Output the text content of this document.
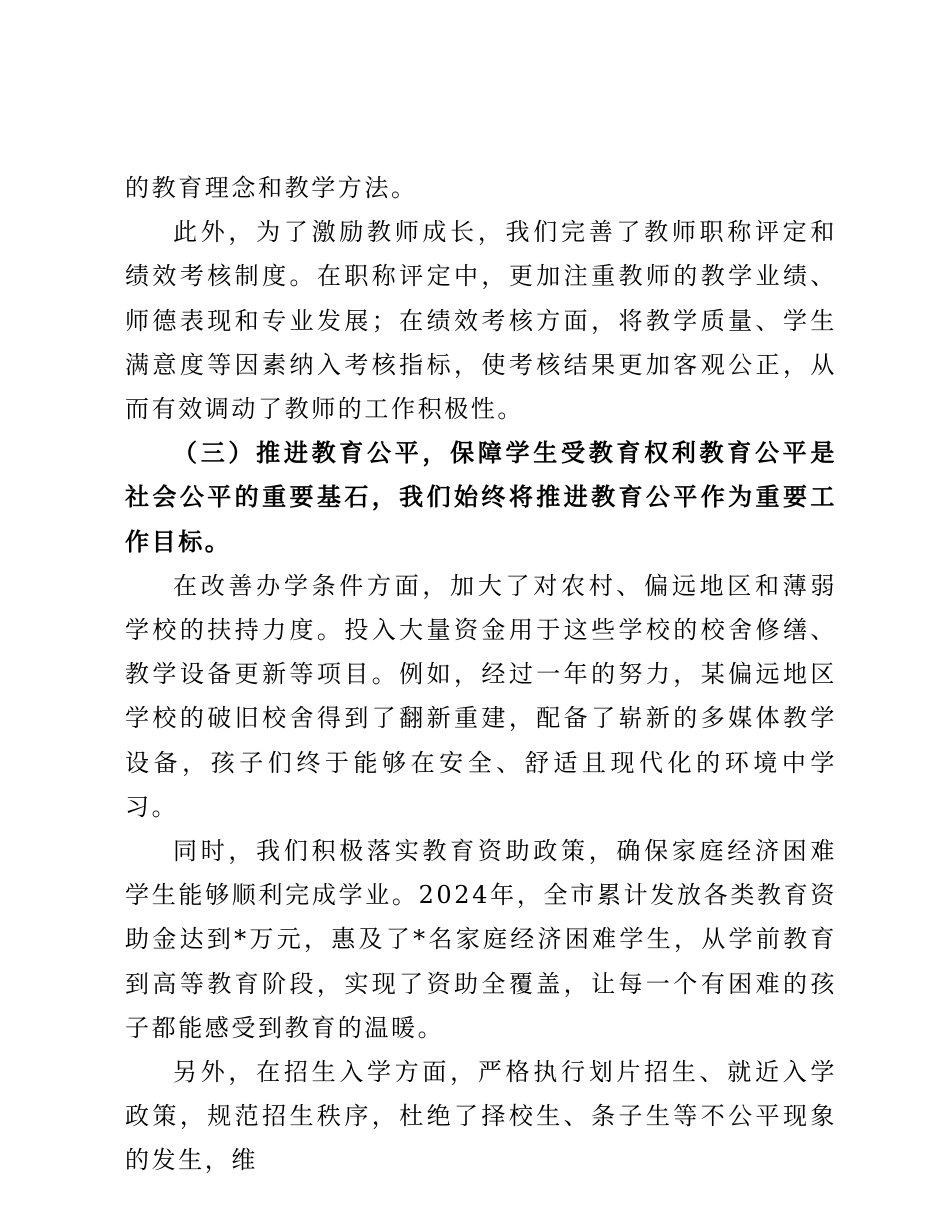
的教育理念和教学方法。

此外，为了激励教师成长，我们完善了教师职称评定和绩效考核制度。在职称评定中，更加注重教师的教学业绩、师德表现和专业发展；在绩效考核方面，将教学质量、学生满意度等因素纳入考核指标，使考核结果更加客观公正，从而有效调动了教师的工作积极性。

（三）推进教育公平，保障学生受教育权利教育公平是社会公平的重要基石，我们始终将推进教育公平作为重要工作目标。

在改善办学条件方面，加大了对农村、偏远地区和薄弱学校的扶持力度。投入大量资金用于这些学校的校舍修缮、教学设备更新等项目。例如，经过一年的努力，某偏远地区学校的破旧校舍得到了翻新重建，配备了崭新的多媒体教学设备，孩子们终于能够在安全、舒适且现代化的环境中学习。

同时，我们积极落实教育资助政策，确保家庭经济困难学生能够顺利完成学业。2024年，全市累计发放各类教育资助金达到*万元，惠及了*名家庭经济困难学生，从学前教育到高等教育阶段，实现了资助全覆盖，让每一个有困难的孩子都能感受到教育的温暖。

另外，在招生入学方面，严格执行划片招生、就近入学政策，规范招生秩序，杜绝了择校生、条子生等不公平现象的发生，维
